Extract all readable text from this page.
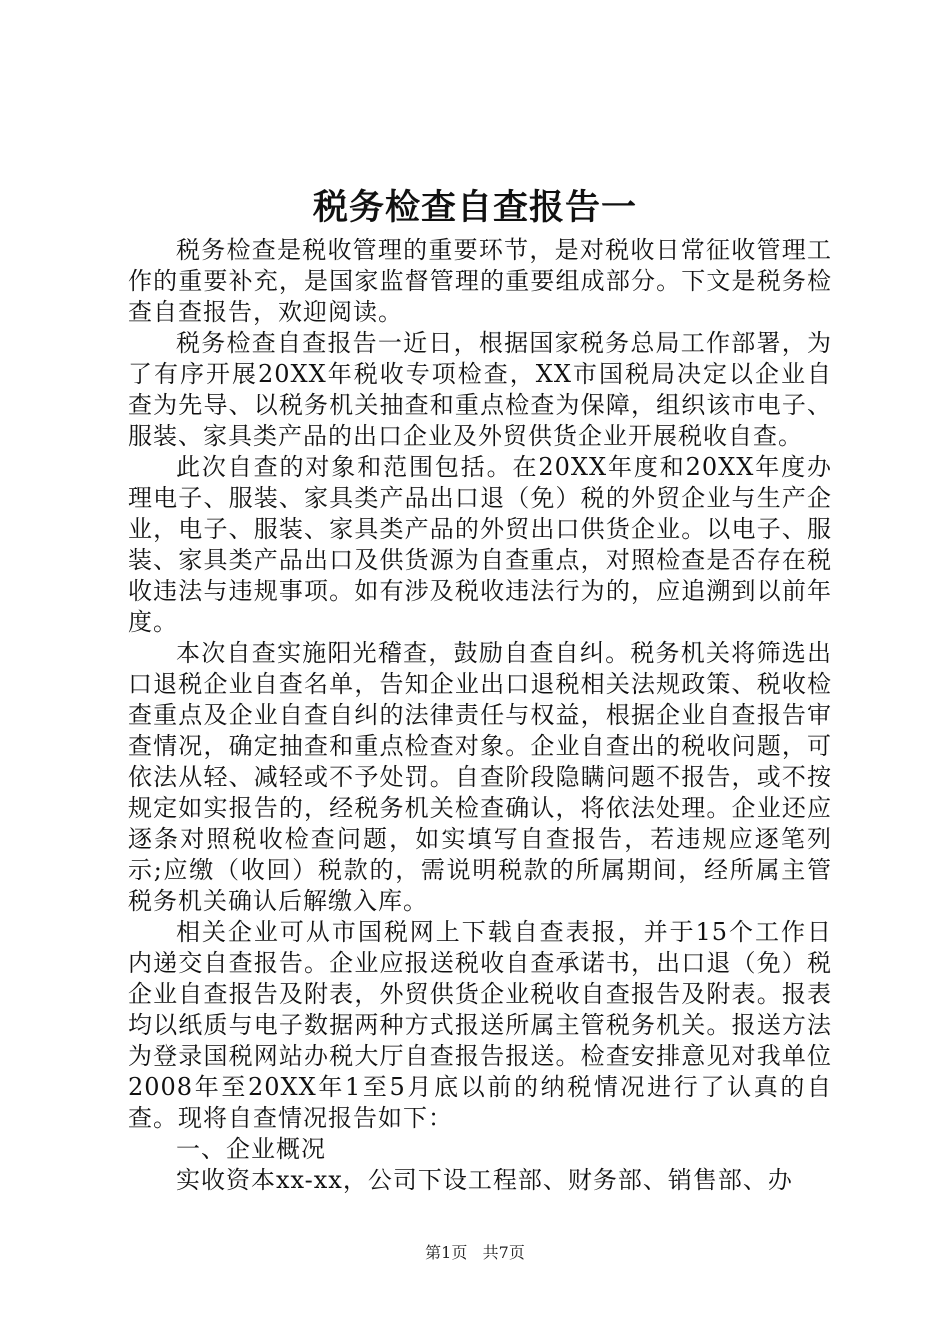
税务检查自查报告一

税务检查是税收管理的重要环节，是对税收日常征收管理工作的重要补充，是国家监督管理的重要组成部分。下文是税务检查自查报告，欢迎阅读。

税务检查自查报告一近日，根据国家税务总局工作部署，为了有序开展20XX年税收专项检查，XX市国税局决定以企业自查为先导、以税务机关抽查和重点检查为保障，组织该市电子、服装、家具类产品的出口企业及外贸供货企业开展税收自查。

此次自查的对象和范围包括。在20XX年度和20XX年度办理电子、服装、家具类产品出口退（免）税的外贸企业与生产企业，电子、服装、家具类产品的外贸出口供货企业。以电子、服装、家具类产品出口及供货源为自查重点，对照检查是否存在税收违法与违规事项。如有涉及税收违法行为的，应追溯到以前年度。

本次自查实施阳光稽查，鼓励自查自纠。税务机关将筛选出口退税企业自查名单，告知企业出口退税相关法规政策、税收检查重点及企业自查自纠的法律责任与权益，根据企业自查报告审查情况，确定抽查和重点检查对象。企业自查出的税收问题，可依法从轻、减轻或不予处罚。自查阶段隐瞒问题不报告，或不按规定如实报告的，经税务机关检查确认，将依法处理。企业还应逐条对照税收检查问题，如实填写自查报告，若违规应逐笔列示;应缴（收回）税款的，需说明税款的所属期间，经所属主管税务机关确认后解缴入库。

相关企业可从市国税网上下载自查表报，并于15个工作日内递交自查报告。企业应报送税收自查承诺书，出口退（免）税企业自查报告及附表，外贸供货企业税收自查报告及附表。报表均以纸质与电子数据两种方式报送所属主管税务机关。报送方法为登录国税网站办税大厅自查报告报送。检查安排意见对我单位2008年至20XX年1至5月底以前的纳税情况进行了认真的自查。现将自查情况报告如下：

一、企业概况

实收资本xx-xx，公司下设工程部、财务部、销售部、办

第1页 共7页
